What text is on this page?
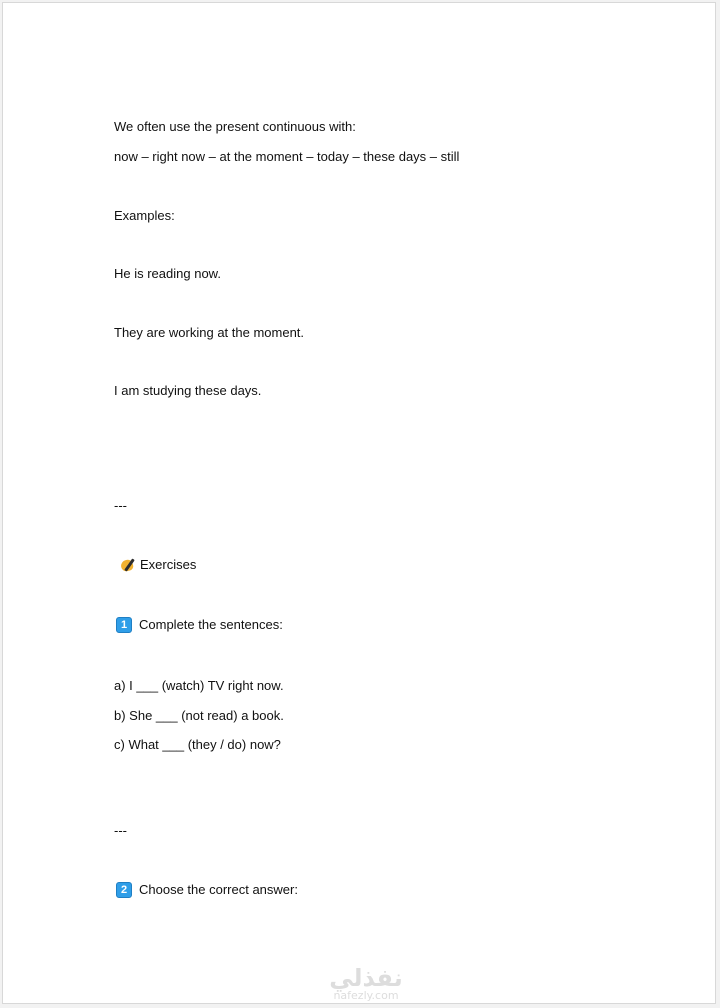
We often use the present continuous with:
now – right now – at the moment – today – these days – still
Examples:
He is reading now.
They are working at the moment.
I am studying these days.
---
Exercises
1 Complete the sentences:
a) I ___ (watch) TV right now.
b) She ___ (not read) a book.
c) What ___ (they / do) now?
---
2 Choose the correct answer:
نفذلي
nafezly.com
